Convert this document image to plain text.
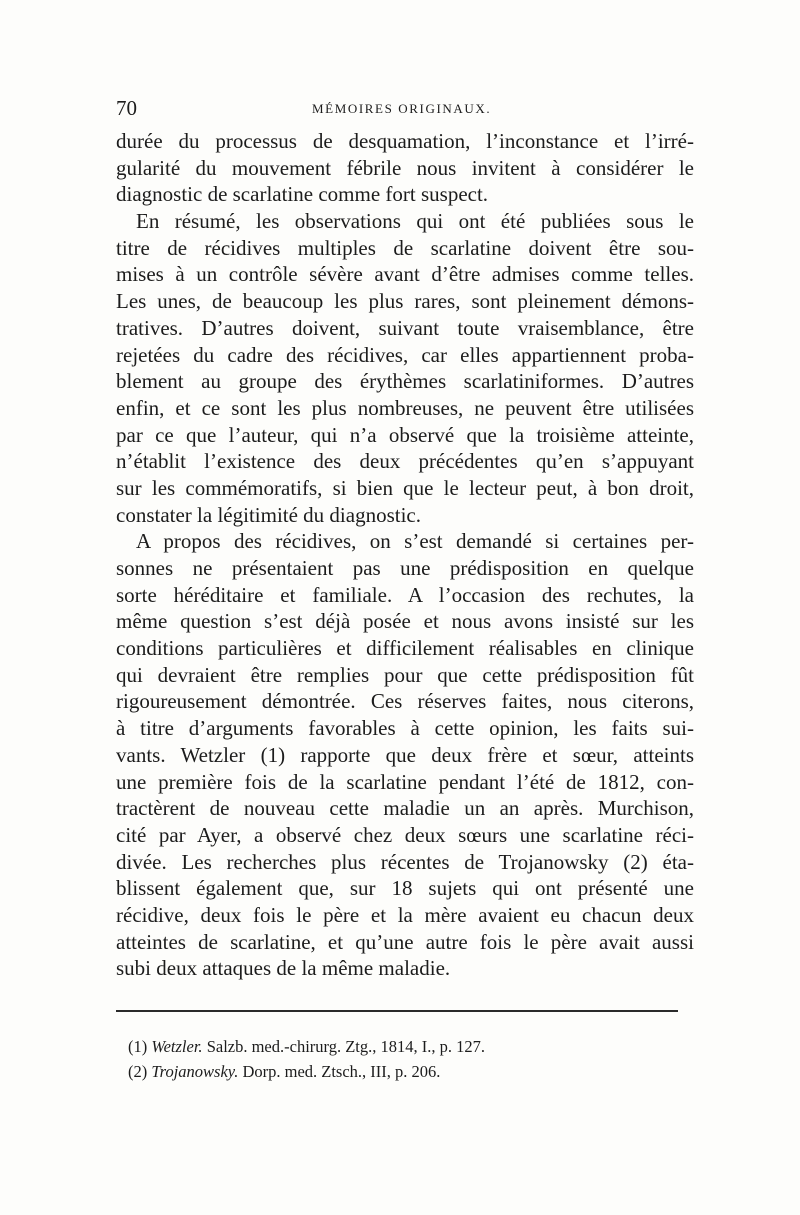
70	MÉMOIRES ORIGINAUX.
durée du processus de desquamation, l’inconstance et l’irré-
gularité du mouvement fébrile nous invitent à considérer le
diagnostic de scarlatine comme fort suspect.
En résumé, les observations qui ont été publiées sous le
titre de récidives multiples de scarlatine doivent être sou-
mises à un contrôle sévère avant d’être admises comme telles.
Les unes, de beaucoup les plus rares, sont pleinement démons-
tratives. D’autres doivent, suivant toute vraisemblance, être
rejetées du cadre des récidives, car elles appartiennent proba-
blement au groupe des érythèmes scarlatiniformes. D’autres
enfin, et ce sont les plus nombreuses, ne peuvent être utilisées
par ce que l’auteur, qui n’a observé que la troisième atteinte,
n’établit l’existence des deux précédentes qu’en s’appuyant
sur les commémoratifs, si bien que le lecteur peut, à bon droit,
constater la légitimité du diagnostic.
A propos des récidives, on s’est demandé si certaines per-
sonnes ne présentaient pas une prédisposition en quelque
sorte héréditaire et familiale. A l’occasion des rechutes, la
même question s’est déjà posée et nous avons insisté sur les
conditions particulières et difficilement réalisables en clinique
qui devraient être remplies pour que cette prédisposition fût
rigoureusement démontrée. Ces réserves faites, nous citerons,
à titre d’arguments favorables à cette opinion, les faits sui-
vants. Wetzler (1) rapporte que deux frère et sœur, atteints
une première fois de la scarlatine pendant l’été de 1812, con-
tractèrent de nouveau cette maladie un an après. Murchison,
cité par Ayer, a observé chez deux sœurs une scarlatine réci-
divée. Les recherches plus récentes de Trojanowsky (2) éta-
blissent également que, sur 18 sujets qui ont présenté une
récidive, deux fois le père et la mère avaient eu chacun deux
atteintes de scarlatine, et qu’une autre fois le père avait aussi
subi deux attaques de la même maladie.
(1) Wetzler. Salzb. med.-chirurg. Ztg., 1814, I., p. 127.
(2) Trojanowsky. Dorp. med. Ztsch., III, p. 206.
